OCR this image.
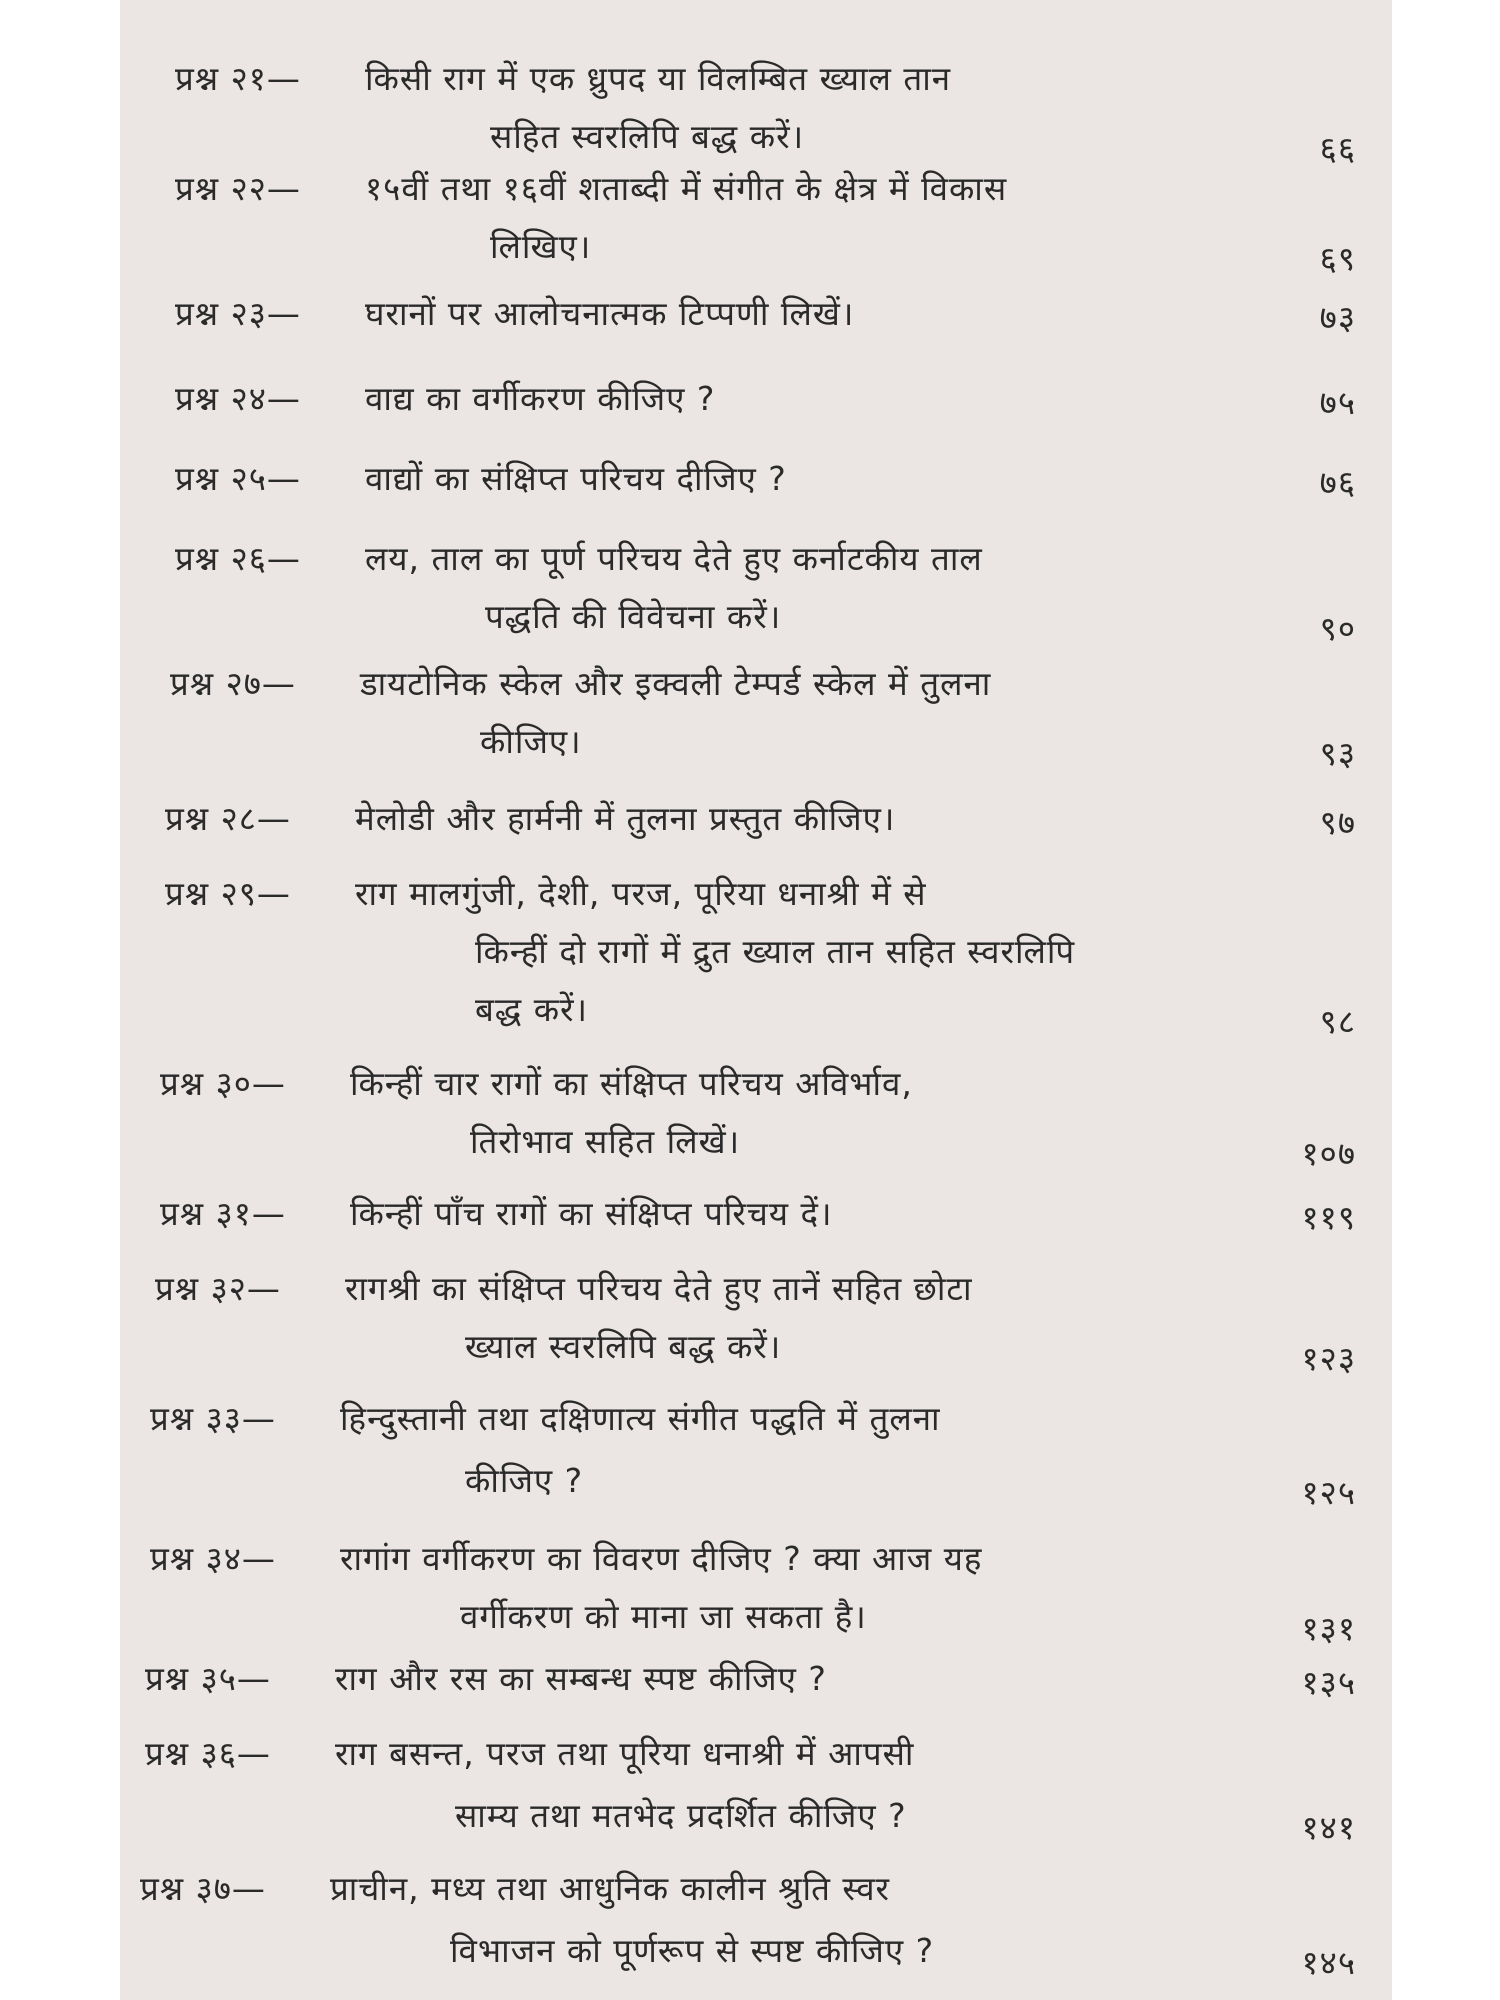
प्रश्न २१— किसी राग में एक ध्रुपद या विलम्बित ख्याल तान
सहित स्वरलिपि बद्ध करें।	६६
प्रश्न २२— १५वीं तथा १६वीं शताब्दी में संगीत के क्षेत्र में विकास
लिखिए।	६९
प्रश्न २३— घरानों पर आलोचनात्मक टिप्पणी लिखें।	७३
प्रश्न २४— वाद्य का वर्गीकरण कीजिए ?	७५
प्रश्न २५— वाद्यों का संक्षिप्त परिचय दीजिए ?	७६
प्रश्न २६— लय, ताल का पूर्ण परिचय देते हुए कर्नाटकीय ताल
पद्धति की विवेचना करें।	९०
प्रश्न २७— डायटोनिक स्केल और इक्वली टेम्पर्ड स्केल में तुलना
कीजिए।	९३
प्रश्न २८— मेलोडी और हार्मनी में तुलना प्रस्तुत कीजिए।	९७
प्रश्न २९— राग मालगुंजी, देशी, परज, पूरिया धनाश्री में से
किन्हीं दो रागों में द्रुत ख्याल तान सहित स्वरलिपि
बद्ध करें।	९८
प्रश्न ३०— किन्हीं चार रागों का संक्षिप्त परिचय अविर्भाव,
तिरोभाव सहित लिखें।	१०७
प्रश्न ३१— किन्हीं पाँच रागों का संक्षिप्त परिचय दें।	११९
प्रश्न ३२— रागश्री का संक्षिप्त परिचय देते हुए तानें सहित छोटा
ख्याल स्वरलिपि बद्ध करें।	१२३
प्रश्न ३३— हिन्दुस्तानी तथा दक्षिणात्य संगीत पद्धति में तुलना
कीजिए ?	१२५
प्रश्न ३४— रागांग वर्गीकरण का विवरण दीजिए ? क्या आज यह
वर्गीकरण को माना जा सकता है।	१३१
प्रश्न ३५— राग और रस का सम्बन्ध स्पष्ट कीजिए ?	१३५
प्रश्न ३६— राग बसन्त, परज तथा पूरिया धनाश्री में आपसी
साम्य तथा मतभेद प्रदर्शित कीजिए ?	१४१
प्रश्न ३७— प्राचीन, मध्य तथा आधुनिक कालीन श्रुति स्वर
विभाजन को पूर्णरूप से स्पष्ट कीजिए ?	१४५
